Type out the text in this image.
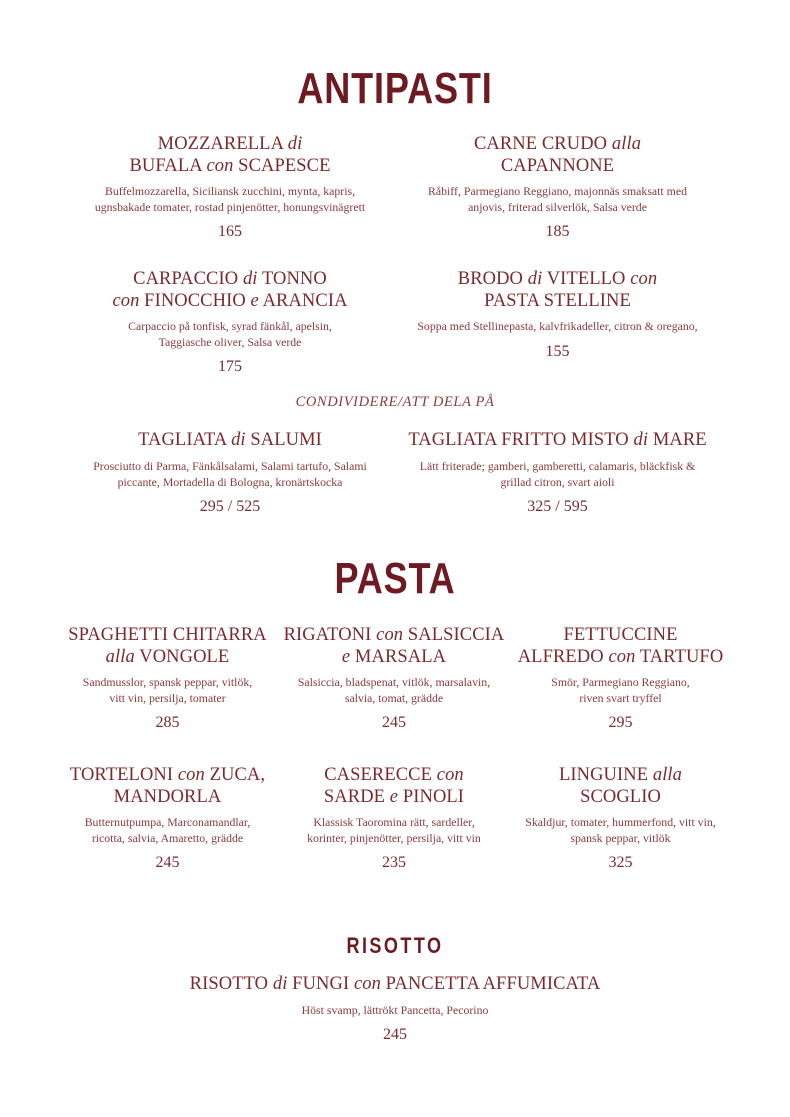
ANTIPASTI
MOZZARELLA di
BUFALA con SCAPESCE
Buffelmozzarella, Siciliansk zucchini, mynta, kapris,
ugnsbakade tomater, rostad pinjenötter, honungsvinägrett
165
CARNE CRUDO alla
CAPANNONE
Råbiff, Parmegiano Reggiano, majonnäs smaksatt med
anjovis, friterad silverlök, Salsa verde
185
CARPACCIO di TONNO
con FINOCCHIO e ARANCIA
Carpaccio på tonfisk, syrad fänkål, apelsin,
Taggiasche oliver, Salsa verde
175
BRODO di VITELLO con
PASTA STELLINE
Soppa med Stellinepasta, kalvfrikadeller, citron & oregano,
155
CONDIVIDERE/ATT DELA PÅ
TAGLIATA di SALUMI
Prosciutto di Parma, Fänkålsalami, Salami tartufo, Salami
piccante, Mortadella di Bologna, kronärtskocka
295 / 525
TAGLIATA FRITTO MISTO di MARE
Lätt friterade; gamberi, gamberetti, calamaris, bläckfisk &
grillad citron, svart aioli
325 / 595
PASTA
SPAGHETTI CHITARRA
alla VONGOLE
Sandmusslor, spansk peppar, vitlök,
vitt vin, persilja, tomater
285
RIGATONI con SALSICCIA
e MARSALA
Salsiccia, bladspenat, vitlök, marsalavin,
salvia, tomat, grädde
245
FETTUCCINE
ALFREDO con TARTUFO
Smör, Parmegiano Reggiano,
riven svart tryffel
295
TORTELONI con ZUCA,
MANDORLA
Butternutpumpa, Marconamandlar,
ricotta, salvia, Amaretto, grädde
245
CASERECCE con
SARDE e PINOLI
Klassisk Taoromina rätt, sardeller,
korinter, pinjenötter, persilja, vitt vin
235
LINGUINE alla
SCOGLIO
Skaldjur, tomater, hummerfond, vitt vin,
spansk peppar, vitlök
325
RISOTTO
RISOTTO di FUNGI con PANCETTA AFFUMICATA
Höst svamp, lättrökt Pancetta, Pecorino
245
